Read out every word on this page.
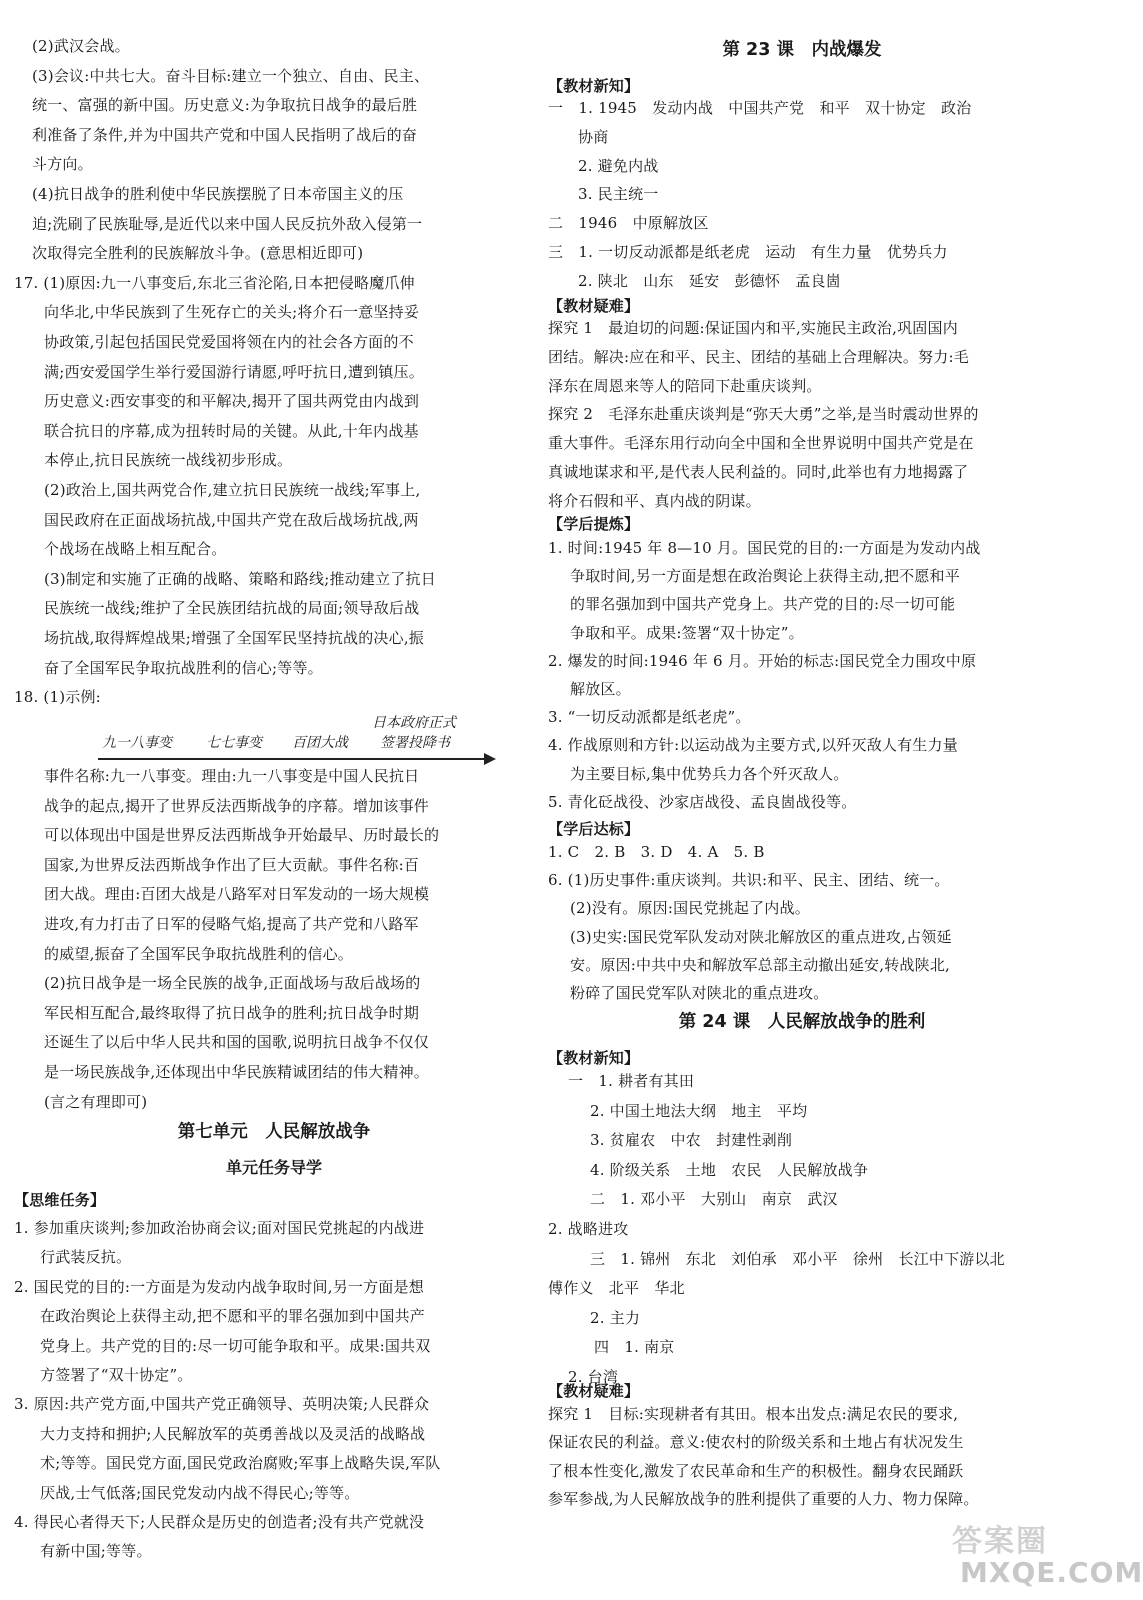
(2)武汉会战。
(3)会议:中共七大。奋斗目标:建立一个独立、自由、民主、
统一、富强的新中国。历史意义:为争取抗日战争的最后胜
利准备了条件,并为中国共产党和中国人民指明了战后的奋
斗方向。
(4)抗日战争的胜利使中华民族摆脱了日本帝国主义的压
迫;洗刷了民族耻辱,是近代以来中国人民反抗外敌入侵第一
次取得完全胜利的民族解放斗争。(意思相近即可)
17. (1)原因:九一八事变后,东北三省沦陷,日本把侵略魔爪伸
向华北,中华民族到了生死存亡的关头;将介石一意坚持妥
协政策,引起包括国民党爱国将领在内的社会各方面的不
满;西安爱国学生举行爱国游行请愿,呼吁抗日,遭到镇压。
历史意义:西安事变的和平解决,揭开了国共两党由内战到
联合抗日的序幕,成为扭转时局的关键。从此,十年内战基
本停止,抗日民族统一战线初步形成。
(2)政治上,国共两党合作,建立抗日民族统一战线;军事上,
国民政府在正面战场抗战,中国共产党在敌后战场抗战,两
个战场在战略上相互配合。
(3)制定和实施了正确的战略、策略和路线;推动建立了抗日
民族统一战线;维护了全民族团结抗战的局面;领导敌后战
场抗战,取得辉煌战果;增强了全国军民坚持抗战的决心,振
奋了全国军民争取抗战胜利的信心;等等。
18. (1)示例:
事件名称:九一八事变。理由:九一八事变是中国人民抗日
战争的起点,揭开了世界反法西斯战争的序幕。增加该事件
可以体现出中国是世界反法西斯战争开始最早、历时最长的
国家,为世界反法西斯战争作出了巨大贡献。事件名称:百
团大战。理由:百团大战是八路军对日军发动的一场大规模
进攻,有力打击了日军的侵略气焰,提高了共产党和八路军
的威望,振奋了全国军民争取抗战胜利的信心。
(2)抗日战争是一场全民族的战争,正面战场与敌后战场的
军民相互配合,最终取得了抗日战争的胜利;抗日战争时期
还诞生了以后中华人民共和国的国歌,说明抗日战争不仅仅
是一场民族战争,还体现出中华民族精诚团结的伟大精神。
(言之有理即可)
九一八事变 七七事变 百团大战
日本政府正式
签署投降书
第七单元　人民解放战争
单元任务导学
【思维任务】
1. 参加重庆谈判;参加政治协商会议;面对国民党挑起的内战进
行武装反抗。
2. 国民党的目的:一方面是为发动内战争取时间,另一方面是想
在政治舆论上获得主动,把不愿和平的罪名强加到中国共产
党身上。共产党的目的:尽一切可能争取和平。成果:国共双
方签署了“双十协定”。
3. 原因:共产党方面,中国共产党正确领导、英明决策;人民群众
大力支持和拥护;人民解放军的英勇善战以及灵活的战略战
术;等等。国民党方面,国民党政治腐败;军事上战略失误,军队
厌战,士气低落;国民党发动内战不得民心;等等。
4. 得民心者得天下;人民群众是历史的创造者;没有共产党就没
有新中国;等等。
第 23 课　内战爆发
【教材新知】
一　1. 1945　发动内战　中国共产党　和平　双十协定　政治
协商
2. 避免内战
3. 民主统一
二　1946　中原解放区
三　1. 一切反动派都是纸老虎　运动　有生力量　优势兵力
2. 陕北　山东　延安　彭德怀　孟良崮
【教材疑难】
探究 1　最迫切的问题:保证国内和平,实施民主政治,巩固国内
团结。解决:应在和平、民主、团结的基础上合理解决。努力:毛
泽东在周恩来等人的陪同下赴重庆谈判。
探究 2　毛泽东赴重庆谈判是“弥天大勇”之举,是当时震动世界的
重大事件。毛泽东用行动向全中国和全世界说明中国共产党是在
真诚地谋求和平,是代表人民利益的。同时,此举也有力地揭露了
将介石假和平、真内战的阴谋。
【学后提炼】
1. 时间:1945 年 8—10 月。国民党的目的:一方面是为发动内战
争取时间,另一方面是想在政治舆论上获得主动,把不愿和平
的罪名强加到中国共产党身上。共产党的目的:尽一切可能
争取和平。成果:签署“双十协定”。
2. 爆发的时间:1946 年 6 月。开始的标志:国民党全力围攻中原
解放区。
3. “一切反动派都是纸老虎”。
4. 作战原则和方针:以运动战为主要方式,以歼灭敌人有生力量
为主要目标,集中优势兵力各个歼灭敌人。
5. 青化砭战役、沙家店战役、孟良崮战役等。
【学后达标】
1. C　2. B　3. D　4. A　5. B
6. (1)历史事件:重庆谈判。共识:和平、民主、团结、统一。
(2)没有。原因:国民党挑起了内战。
(3)史实:国民党军队发动对陕北解放区的重点进攻,占领延
安。原因:中共中央和解放军总部主动撤出延安,转战陕北,
粉碎了国民党军队对陕北的重点进攻。
第 24 课　人民解放战争的胜利
【教材新知】
一　1. 耕者有其田
2. 中国土地法大纲　地主　平均
3. 贫雇农　中农　封建性剥削
4. 阶级关系　土地　农民　人民解放战争
二　1. 邓小平　大别山　南京　武汉
2. 战略进攻
三　1. 锦州　东北　刘伯承　邓小平　徐州　长江中下游以北
傅作义　北平　华北
2. 主力
四　1. 南京
2. 台湾
【教材疑难】
探究 1　目标:实现耕者有其田。根本出发点:满足农民的要求,
保证农民的利益。意义:使农村的阶级关系和土地占有状况发生
了根本性变化,激发了农民革命和生产的积极性。翻身农民踊跃
参军参战,为人民解放战争的胜利提供了重要的人力、物力保障。
答案圈
MXQE.COM
